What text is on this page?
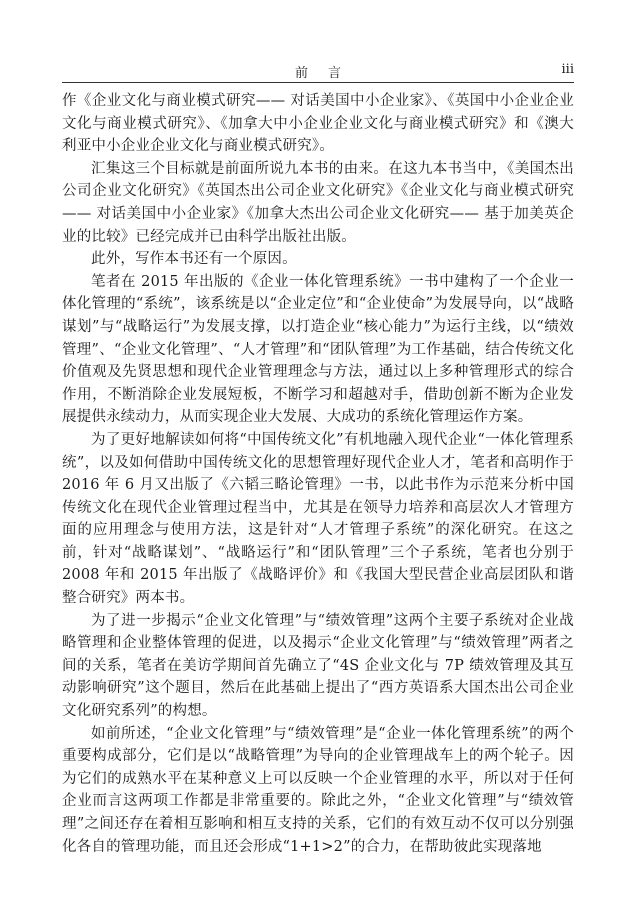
前言	iii

作《企业文化与商业模式研究—— 对话美国中小企业家》、《英国中小企业企业文化与商业模式研究》、《加拿大中小企业企业文化与商业模式研究》和《澳大利亚中小企业企业文化与商业模式研究》。

汇集这三个目标就是前面所说九本书的由来。在这九本书当中，《美国杰出公司企业文化研究》《英国杰出公司企业文化研究》《企业文化与商业模式研究—— 对话美国中小企业家》《加拿大杰出公司企业文化研究—— 基于加美英企业的比较》已经完成并已由科学出版社出版。

此外，写作本书还有一个原因。

笔者在 2015 年出版的《企业一体化管理系统》一书中建构了一个企业一体化管理的“系统”，该系统是以“企业定位”和“企业使命”为发展导向，以“战略谋划”与“战略运行”为发展支撑，以打造企业“核心能力”为运行主线，以“绩效管理”、“企业文化管理”、“人才管理”和“团队管理”为工作基础，结合传统文化价值观及先贤思想和现代企业管理理念与方法，通过以上多种管理形式的综合作用，不断消除企业发展短板，不断学习和超越对手，借助创新不断为企业发展提供永续动力，从而实现企业大发展、大成功的系统化管理运作方案。

为了更好地解读如何将“中国传统文化”有机地融入现代企业“一体化管理系统”，以及如何借助中国传统文化的思想管理好现代企业人才，笔者和高明作于 2016 年 6 月又出版了《六韬三略论管理》一书，以此书作为示范来分析中国传统文化在现代企业管理过程当中，尤其是在领导力培养和高层次人才管理方面的应用理念与使用方法，这是针对“人才管理子系统”的深化研究。在这之前，针对“战略谋划”、“战略运行”和“团队管理”三个子系统，笔者也分别于 2008 年和 2015 年出版了《战略评价》和《我国大型民营企业高层团队和谐整合研究》两本书。

为了进一步揭示“企业文化管理”与“绩效管理”这两个主要子系统对企业战略管理和企业整体管理的促进，以及揭示“企业文化管理”与“绩效管理”两者之间的关系，笔者在美访学期间首先确立了“4S 企业文化与 7P 绩效管理及其互动影响研究”这个题目，然后在此基础上提出了“西方英语系大国杰出公司企业文化研究系列”的构想。

如前所述，“企业文化管理”与“绩效管理”是“企业一体化管理系统”的两个重要构成部分，它们是以“战略管理”为导向的企业管理战车上的两个轮子。因为它们的成熟水平在某种意义上可以反映一个企业管理的水平，所以对于任何企业而言这两项工作都是非常重要的。除此之外，“企业文化管理”与“绩效管理”之间还存在着相互影响和相互支持的关系，它们的有效互动不仅可以分别强化各自的管理功能，而且还会形成“1+1>2”的合力，在帮助彼此实现落地
